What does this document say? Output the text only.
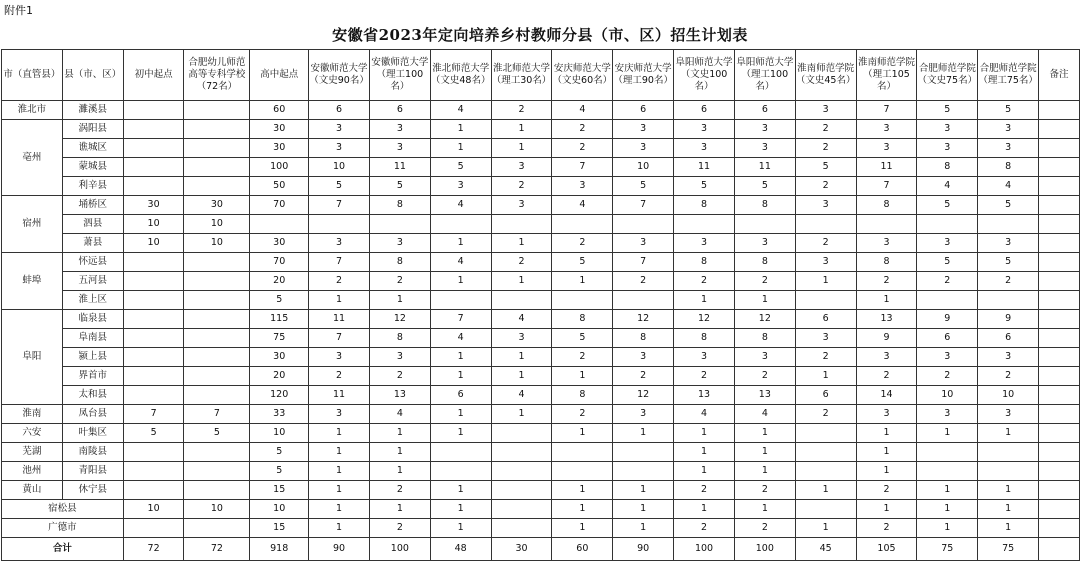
附件1
安徽省2023年定向培养乡村教师分县（市、区）招生计划表
市（直管县）	县（市、区）	初中起点	合肥幼儿师范高等专科学校（72名）	高中起点	安徽师范大学（文史90名）	安徽师范大学（理工100名）	淮北师范大学（文史48名）	淮北师范大学（理工30名）	安庆师范大学（文史60名）	安庆师范大学（理工90名）	阜阳师范大学（文史100名）	阜阳师范大学（理工100名）	淮南师范学院（文史45名）	淮南师范学院（理工105名）	合肥师范学院（文史75名）	合肥师范学院（理工75名）	备注
淮北市	濉溪县			60	6	6	4	2	4	6	6	6	3	7	5	5	
亳州	涡阳县			30	3	3	1	1	2	3	3	3	2	3	3	3	
	谯城区			30	3	3	1	1	2	3	3	3	2	3	3	3	
	蒙城县			100	10	11	5	3	7	10	11	11	5	11	8	8	
	利辛县			50	5	5	3	2	3	5	5	5	2	7	4	4	
宿州	埇桥区	30	30	70	7	8	4	3	4	7	8	8	3	8	5	5	
	泗县	10	10														
	萧县	10	10	30	3	3	1	1	2	3	3	3	2	3	3	3	
蚌埠	怀远县			70	7	8	4	2	5	7	8	8	3	8	5	5	
	五河县			20	2	2	1	1	1	2	2	2	1	2	2	2	
	淮上区			5	1	1					1	1		1			
阜阳	临泉县			115	11	12	7	4	8	12	12	12	6	13	9	9	
	阜南县			75	7	8	4	3	5	8	8	8	3	9	6	6	
	颍上县			30	3	3	1	1	2	3	3	3	2	3	3	3	
	界首市			20	2	2	1	1	1	2	2	2	1	2	2	2	
	太和县			120	11	13	6	4	8	12	13	13	6	14	10	10	
淮南	凤台县	7	7	33	3	4	1	1	2	3	4	4	2	3	3	3	
六安	叶集区	5	5	10	1	1	1		1	1	1	1		1	1	1	
芜湖	南陵县			5	1	1					1	1		1			
池州	青阳县			5	1	1					1	1		1			
黄山	休宁县			15	1	2	1		1	1	2	2	1	2	1	1	
宿松县		10	10	10	1	1	1		1	1	1	1		1	1	1	
广德市				15	1	2	1		1	1	2	2	1	2	1	1	
合计		72	72	918	90	100	48	30	60	90	100	100	45	105	75	75	
